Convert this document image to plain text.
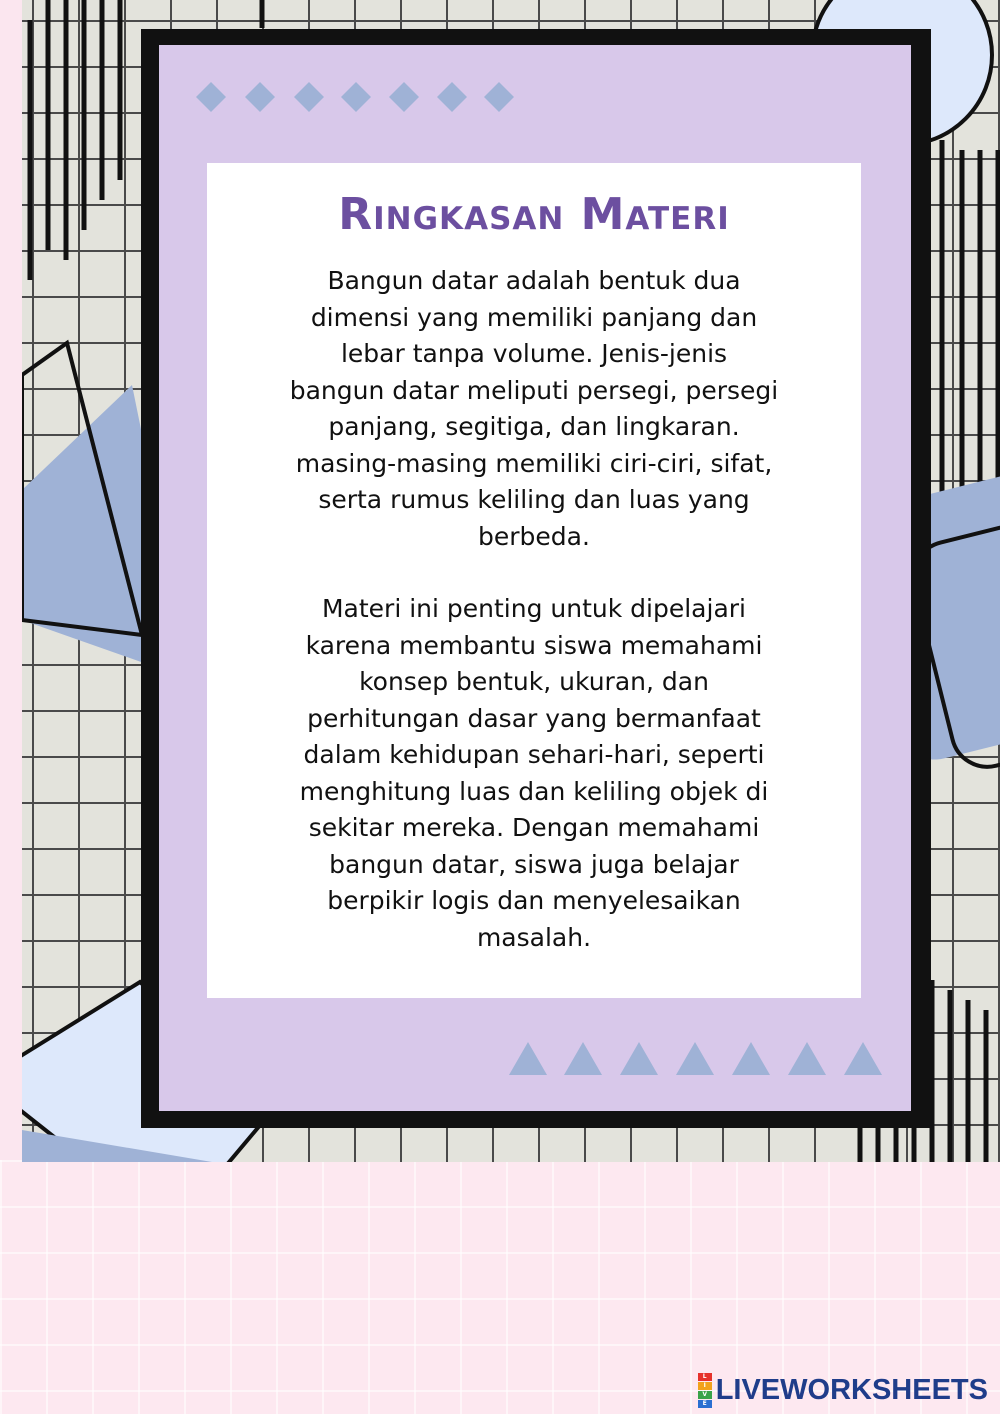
Ringkasan Materi
Bangun datar adalah bentuk dua
dimensi yang memiliki panjang dan
lebar tanpa volume. Jenis-jenis
bangun datar meliputi persegi, persegi
panjang, segitiga, dan lingkaran.
masing-masing memiliki ciri-ciri, sifat,
serta rumus keliling dan luas yang
berbeda.
Materi ini penting untuk dipelajari
karena membantu siswa memahami
konsep bentuk, ukuran, dan
perhitungan dasar yang bermanfaat
dalam kehidupan sehari-hari, seperti
menghitung luas dan keliling objek di
sekitar mereka. Dengan memahami
bangun datar, siswa juga belajar
berpikir logis dan menyelesaikan
masalah.
L
I
V
E LIVEWORKSHEETS
